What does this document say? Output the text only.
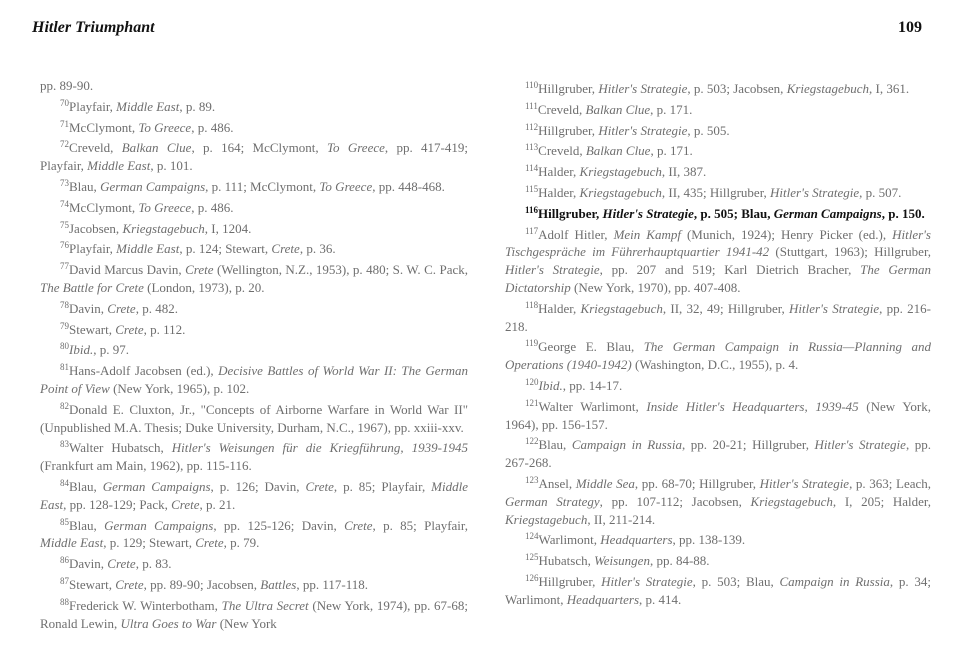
Hitler Triumphant	109

pp. 89-90.

$^{70}$Playfair, Middle East, p. 89.

$^{71}$McClymont, To Greece, p. 486.

$^{72}$Creveld, Balkan Clue, p. 164; McClymont, To Greece, pp. 417-419; Playfair, Middle East, p. 101.

$^{73}$Blau, German Campaigns, p. 111; McClymont, To Greece, pp. 448-468.

$^{74}$McClymont, To Greece, p. 486.

$^{75}$Jacobsen, Kriegstagebuch, I, 1204.

$^{76}$Playfair, Middle East, p. 124; Stewart, Crete, p. 36.

$^{77}$David Marcus Davin, Crete (Wellington, N.Z., 1953), p. 480; S. W. C. Pack, The Battle for Crete (London, 1973), p. 20.

$^{78}$Davin, Crete, p. 482.

$^{79}$Stewart, Crete, p. 112.

$^{80}$Ibid., p. 97.

$^{81}$Hans-Adolf Jacobsen (ed.), Decisive Battles of World War II: The German Point of View (New York, 1965), p. 102.

$^{82}$Donald E. Cluxton, Jr., "Concepts of Airborne Warfare in World War II" (Unpublished M.A. Thesis; Duke University, Durham, N.C., 1967), pp. xxiii-xxv.

$^{83}$Walter Hubatsch, Hitler's Weisungen für die Kriegführung, 1939-1945 (Frankfurt am Main, 1962), pp. 115-116.

$^{84}$Blau, German Campaigns, p. 126; Davin, Crete, p. 85; Playfair, Middle East, pp. 128-129; Pack, Crete, p. 21.

$^{85}$Blau, German Campaigns, pp. 125-126; Davin, Crete, p. 85; Playfair, Middle East, p. 129; Stewart, Crete, p. 79.

$^{86}$Davin, Crete, p. 83.

$^{87}$Stewart, Crete, pp. 89-90; Jacobsen, Battles, pp. 117-118.

$^{88}$Frederick W. Winterbotham, The Ultra Secret (New York, 1974), pp. 67-68; Ronald Lewin, Ultra Goes to War (New York

$^{110}$Hillgruber, Hitler's Strategie, p. 503; Jacobsen, Kriegstagebuch, I, 361.

$^{111}$Creveld, Balkan Clue, p. 171.

$^{112}$Hillgruber, Hitler's Strategie, p. 505.

$^{113}$Creveld, Balkan Clue, p. 171.

$^{114}$Halder, Kriegstagebuch, II, 387.

$^{115}$Halder, Kriegstagebuch, II, 435; Hillgruber, Hitler's Strategie, p. 507.

$^{116}$Hillgruber, Hitler's Strategie, p. 505; Blau, German Campaigns, p. 150.

$^{117}$Adolf Hitler, Mein Kampf (Munich, 1924); Henry Picker (ed.), Hitler's Tischgespräche im Führerhauptquartier 1941-42 (Stuttgart, 1963); Hillgruber, Hitler's Strategie, pp. 207 and 519; Karl Dietrich Bracher, The German Dictatorship (New York, 1970), pp. 407-408.

$^{118}$Halder, Kriegstagebuch, II, 32, 49; Hillgruber, Hitler's Strategie, pp. 216-218.

$^{119}$George E. Blau, The German Campaign in Russia—Planning and Operations (1940-1942) (Washington, D.C., 1955), p. 4.

$^{120}$Ibid., pp. 14-17.

$^{121}$Walter Warlimont, Inside Hitler's Headquarters, 1939-45 (New York, 1964), pp. 156-157.

$^{122}$Blau, Campaign in Russia, pp. 20-21; Hillgruber, Hitler's Strategie, pp. 267-268.

$^{123}$Ansel, Middle Sea, pp. 68-70; Hillgruber, Hitler's Strategie, p. 363; Leach, German Strategy, pp. 107-112; Jacobsen, Kriegstagebuch, I, 205; Halder, Kriegstagebuch, II, 211-214.

$^{124}$Warlimont, Headquarters, pp. 138-139.

$^{125}$Hubatsch, Weisungen, pp. 84-88.

$^{126}$Hillgruber, Hitler's Strategie, p. 503; Blau, Campaign in Russia, p. 34; Warlimont, Headquarters, p. 414.
